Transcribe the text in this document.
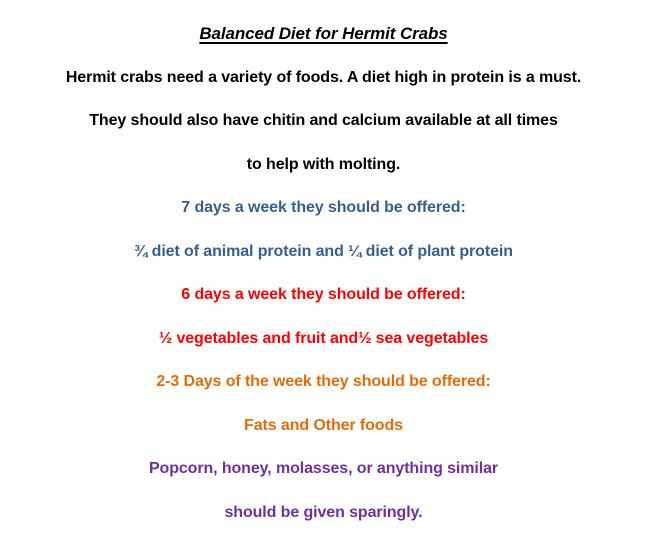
Balanced Diet for Hermit Crabs

Hermit crabs need a variety of foods. A diet high in protein is a must.

They should also have chitin and calcium available at all times

to help with molting.

7 days a week they should be offered:

¾ diet of animal protein and ¼ diet of plant protein

6 days a week they should be offered:

½ vegetables and fruit and½ sea vegetables

2-3 Days of the week they should be offered:

Fats and Other foods

Popcorn, honey, molasses, or anything similar

should be given sparingly.
